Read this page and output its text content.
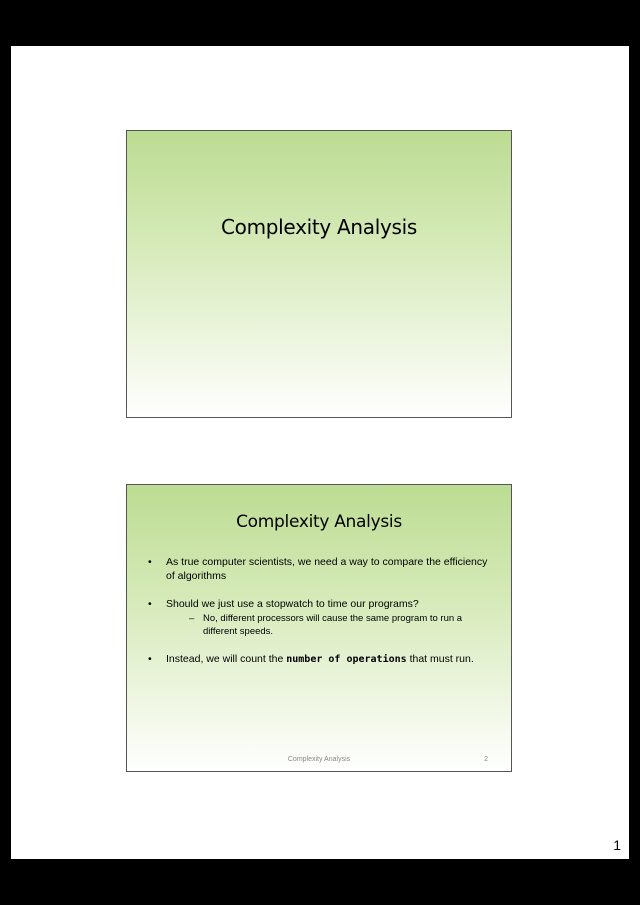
Complexity Analysis
Complexity Analysis
• As true computer scientists, we need a way to compare the efficiency of algorithms
• Should we just use a stopwatch to time our programs?
– No, different processors will cause the same program to run a different speeds.
• Instead, we will count the number of operations that must run.
Complexity Analysis	2
1
